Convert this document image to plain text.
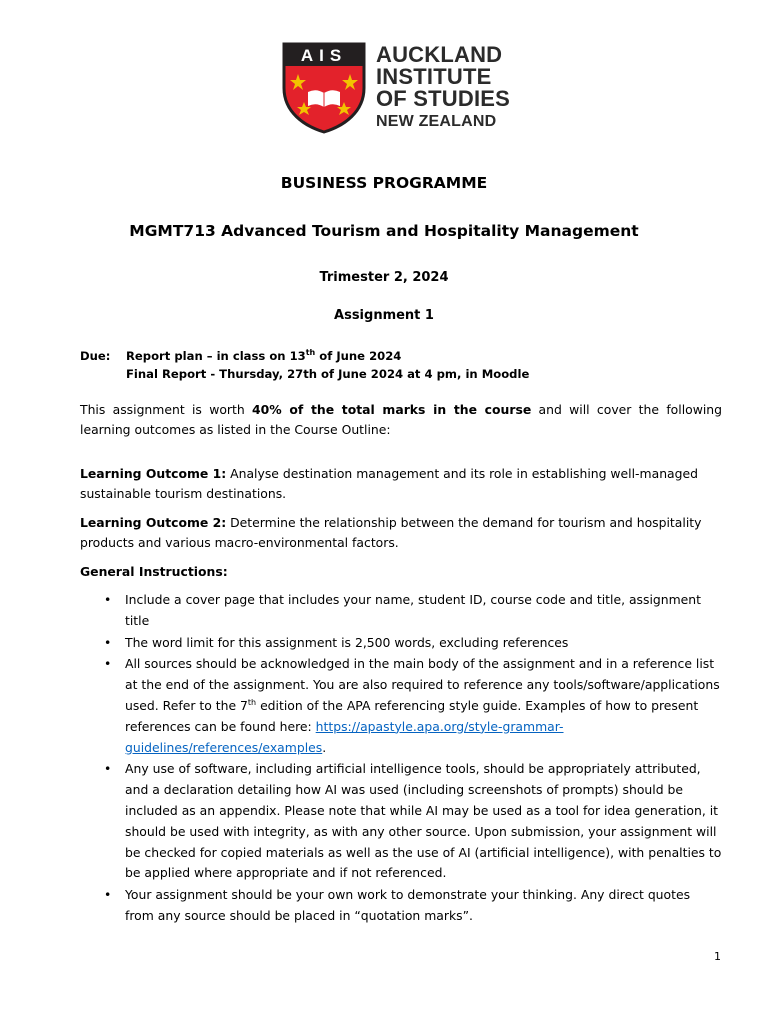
AIS AUCKLAND
INSTITUTE
OF STUDIES
NEW ZEALAND
BUSINESS PROGRAMME
MGMT713 Advanced Tourism and Hospitality Management
Trimester 2, 2024
Assignment 1
Due: Report plan – in class on 13th of June 2024
Final Report - Thursday, 27th of June 2024 at 4 pm, in Moodle
This assignment is worth 40% of the total marks in the course and will cover the following learning outcomes as listed in the Course Outline:
Learning Outcome 1: Analyse destination management and its role in establishing well-managed sustainable tourism destinations.
Learning Outcome 2: Determine the relationship between the demand for tourism and hospitality products and various macro-environmental factors.
General Instructions:
• Include a cover page that includes your name, student ID, course code and title, assignment title
• The word limit for this assignment is 2,500 words, excluding references
• All sources should be acknowledged in the main body of the assignment and in a reference list at the end of the assignment. You are also required to reference any tools/software/applications used. Refer to the 7th edition of the APA referencing style guide. Examples of how to present references can be found here: https://apastyle.apa.org/style-grammar-guidelines/references/examples.
• Any use of software, including artificial intelligence tools, should be appropriately attributed, and a declaration detailing how AI was used (including screenshots of prompts) should be included as an appendix. Please note that while AI may be used as a tool for idea generation, it should be used with integrity, as with any other source. Upon submission, your assignment will be checked for copied materials as well as the use of AI (artificial intelligence), with penalties to be applied where appropriate and if not referenced.
• Your assignment should be your own work to demonstrate your thinking. Any direct quotes from any source should be placed in “quotation marks”.
1
